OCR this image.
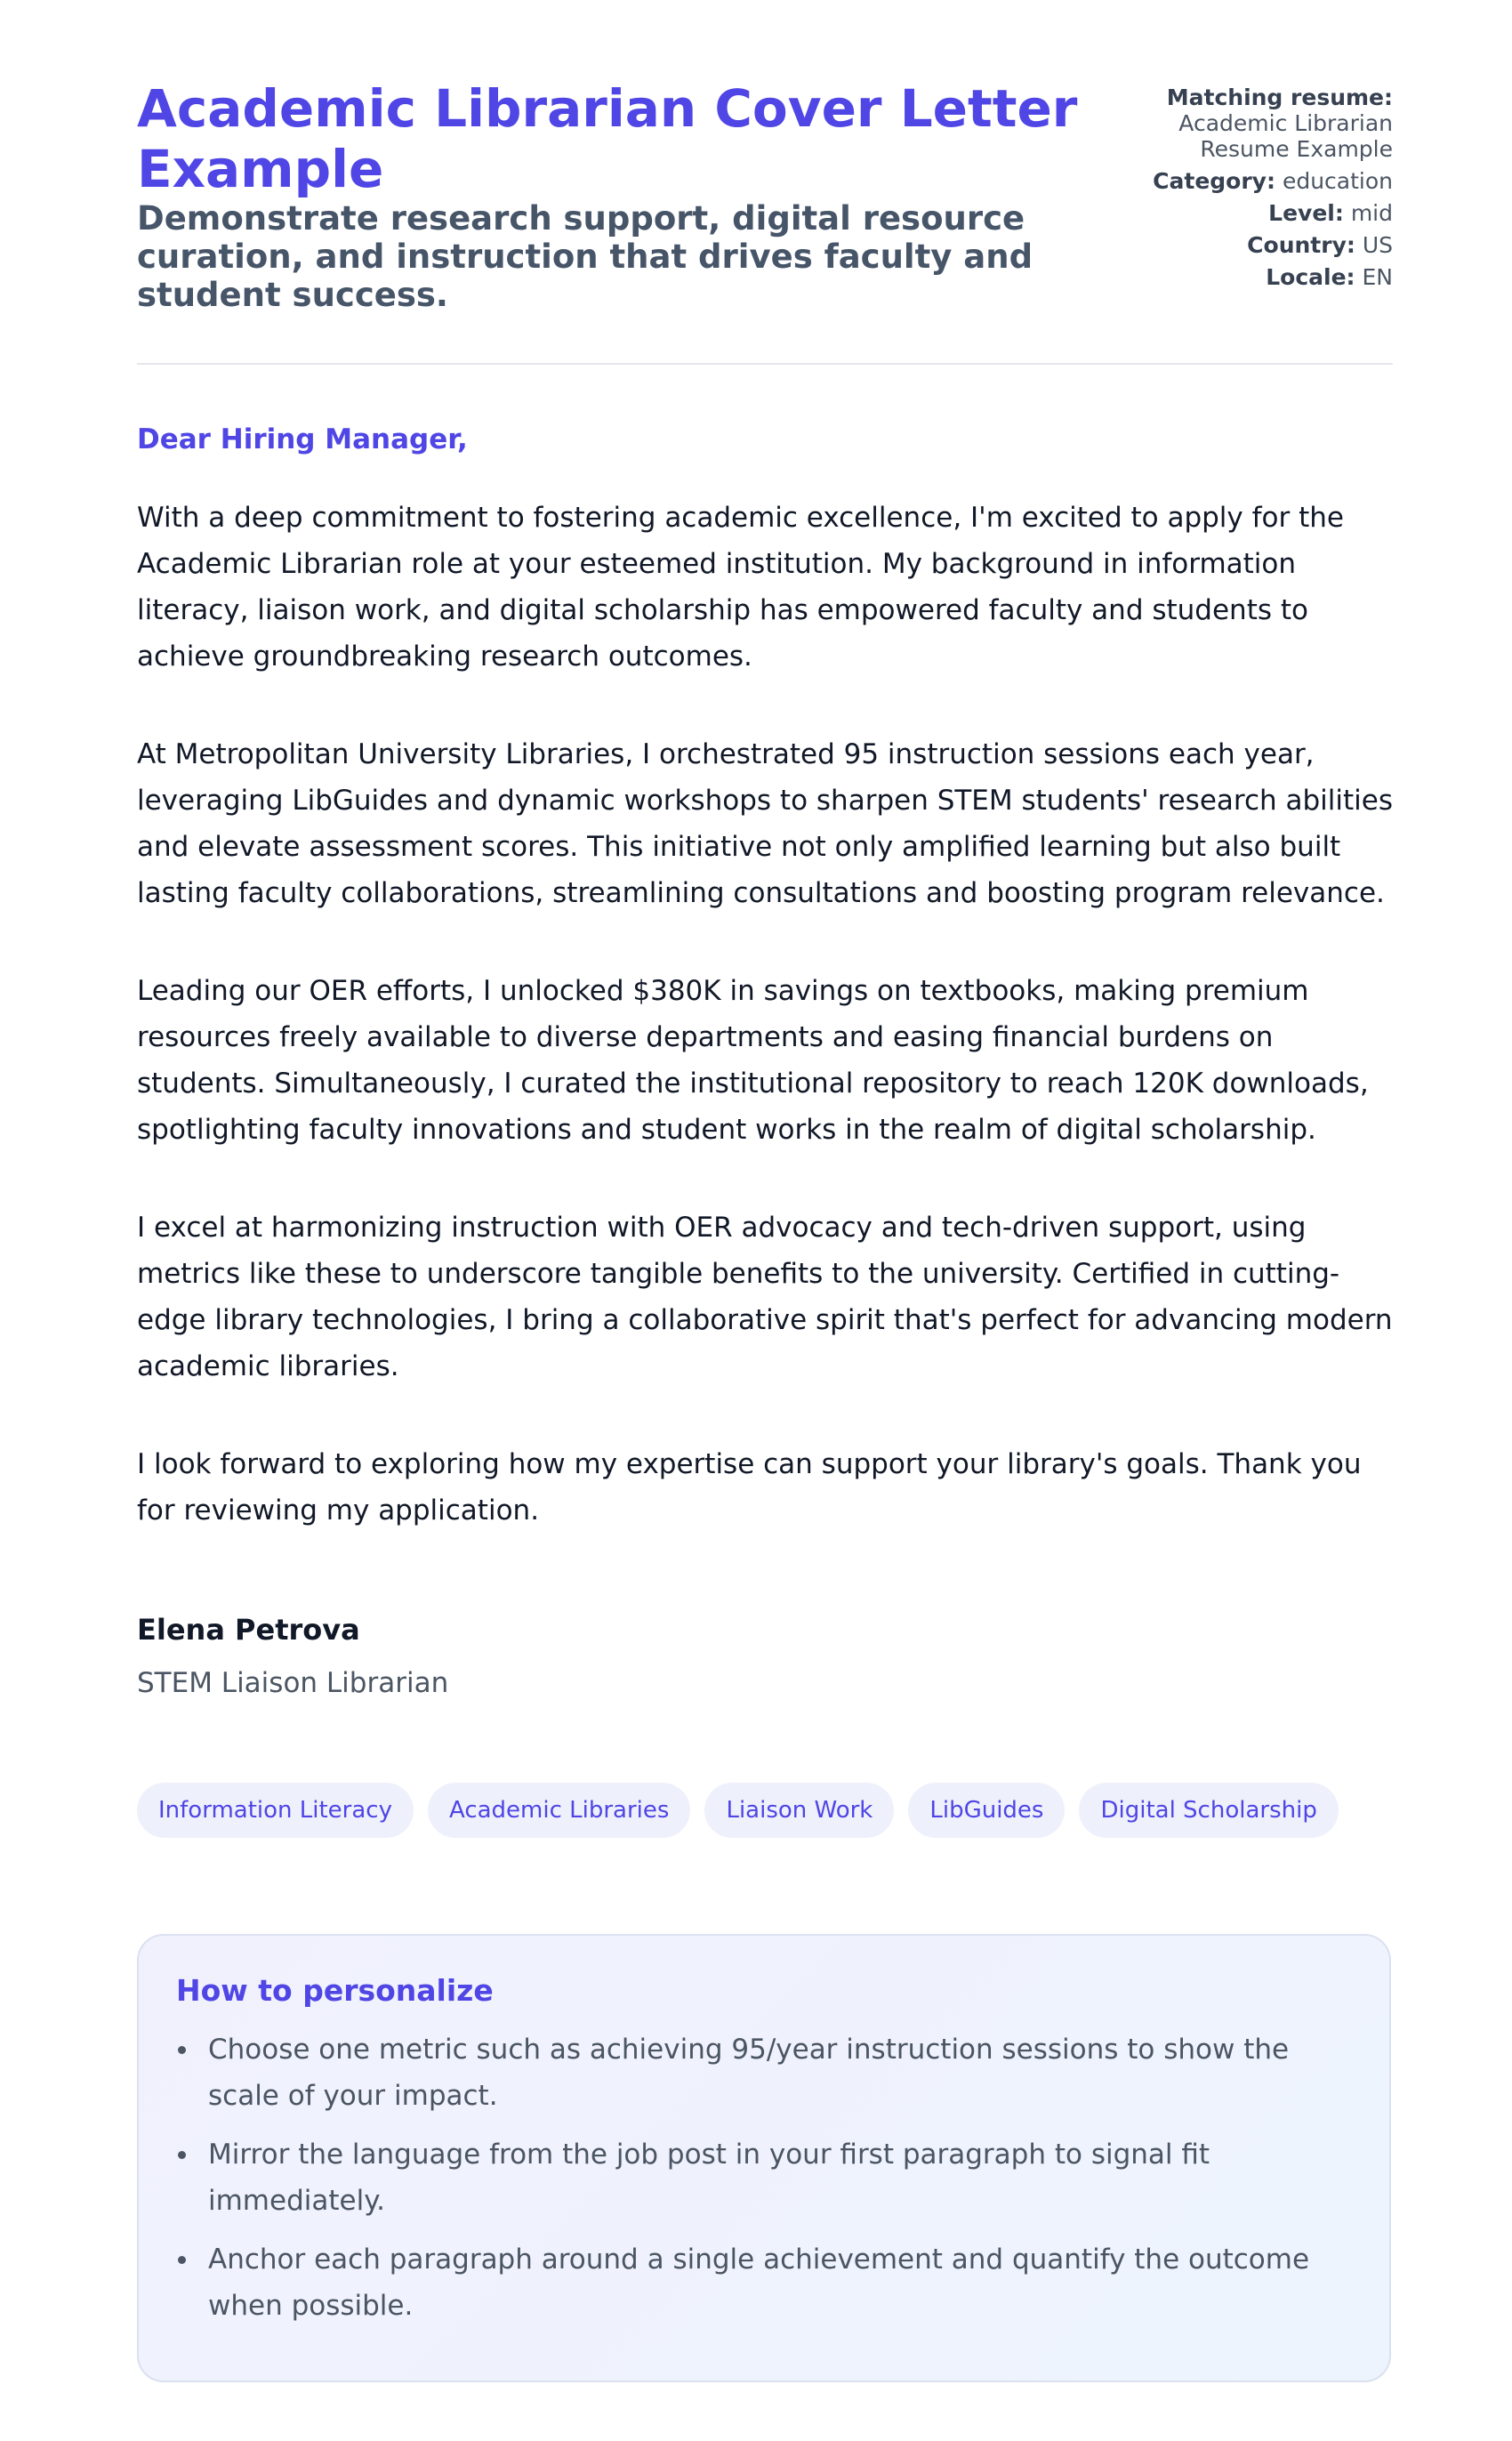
Academic Librarian Cover Letter Example
Demonstrate research support, digital resource curation, and instruction that drives faculty and student success.
Matching resume:
Academic Librarian Resume Example
Category: education
Level: mid
Country: US
Locale: EN

Dear Hiring Manager,

With a deep commitment to fostering academic excellence, I'm excited to apply for the Academic Librarian role at your esteemed institution. My background in information literacy, liaison work, and digital scholarship has empowered faculty and students to achieve groundbreaking research outcomes.

At Metropolitan University Libraries, I orchestrated 95 instruction sessions each year, leveraging LibGuides and dynamic workshops to sharpen STEM students' research abilities and elevate assessment scores. This initiative not only amplified learning but also built lasting faculty collaborations, streamlining consultations and boosting program relevance.

Leading our OER efforts, I unlocked $380K in savings on textbooks, making premium resources freely available to diverse departments and easing financial burdens on students. Simultaneously, I curated the institutional repository to reach 120K downloads, spotlighting faculty innovations and student works in the realm of digital scholarship.

I excel at harmonizing instruction with OER advocacy and tech-driven support, using metrics like these to underscore tangible benefits to the university. Certified in cutting-edge library technologies, I bring a collaborative spirit that's perfect for advancing modern academic libraries.

I look forward to exploring how my expertise can support your library's goals. Thank you for reviewing my application.

Elena Petrova
STEM Liaison Librarian
Information Literacy	Academic Libraries	Liaison Work	LibGuides	Digital Scholarship
How to personalize
Choose one metric such as achieving 95/year instruction sessions to show the scale of your impact.
Mirror the language from the job post in your first paragraph to signal fit immediately.
Anchor each paragraph around a single achievement and quantify the outcome when possible.
